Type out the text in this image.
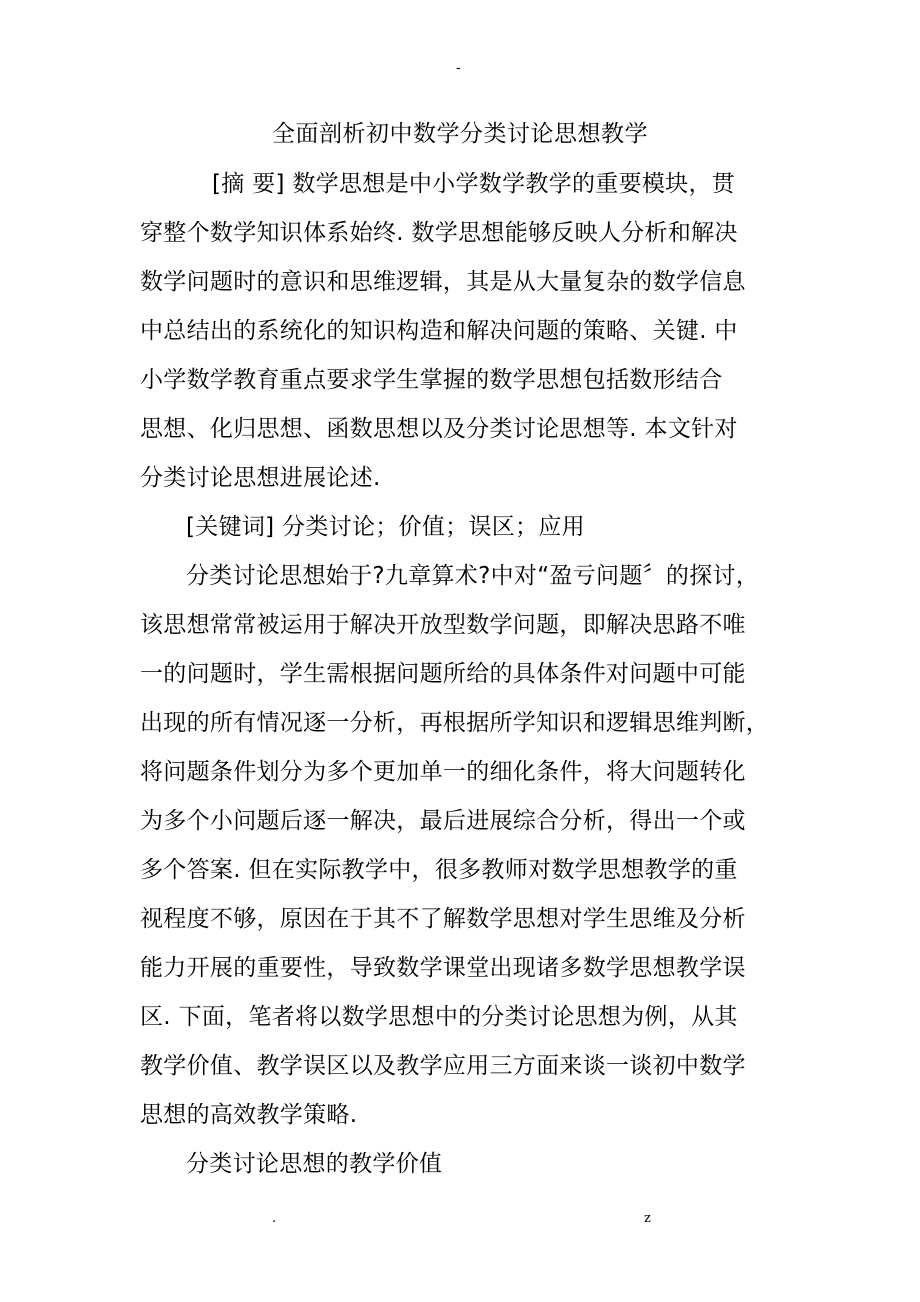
-
全面剖析初中数学分类讨论思想教学
[摘 要] 数学思想是中小学数学教学的重要模块，贯
穿整个数学知识体系始终. 数学思想能够反映人分析和解决
数学问题时的意识和思维逻辑，其是从大量复杂的数学信息
中总结出的系统化的知识构造和解决问题的策略、关键. 中
小学数学教育重点要求学生掌握的数学思想包括数形结合
思想、化归思想、函数思想以及分类讨论思想等. 本文针对
分类讨论思想进展论述.
[关键词] 分类讨论；价值；误区；应用
分类讨论思想始于?九章算术?中对“盈亏问题〞的探讨，
该思想常常被运用于解决开放型数学问题，即解决思路不唯
一的问题时，学生需根据问题所给的具体条件对问题中可能
出现的所有情况逐一分析，再根据所学知识和逻辑思维判断，
将问题条件划分为多个更加单一的细化条件，将大问题转化
为多个小问题后逐一解决，最后进展综合分析，得出一个或
多个答案. 但在实际教学中，很多教师对数学思想教学的重
视程度不够，原因在于其不了解数学思想对学生思维及分析
能力开展的重要性，导致数学课堂出现诸多数学思想教学误
区. 下面，笔者将以数学思想中的分类讨论思想为例，从其
教学价值、教学误区以及教学应用三方面来谈一谈初中数学
思想的高效教学策略.
分类讨论思想的教学价值
.	z
